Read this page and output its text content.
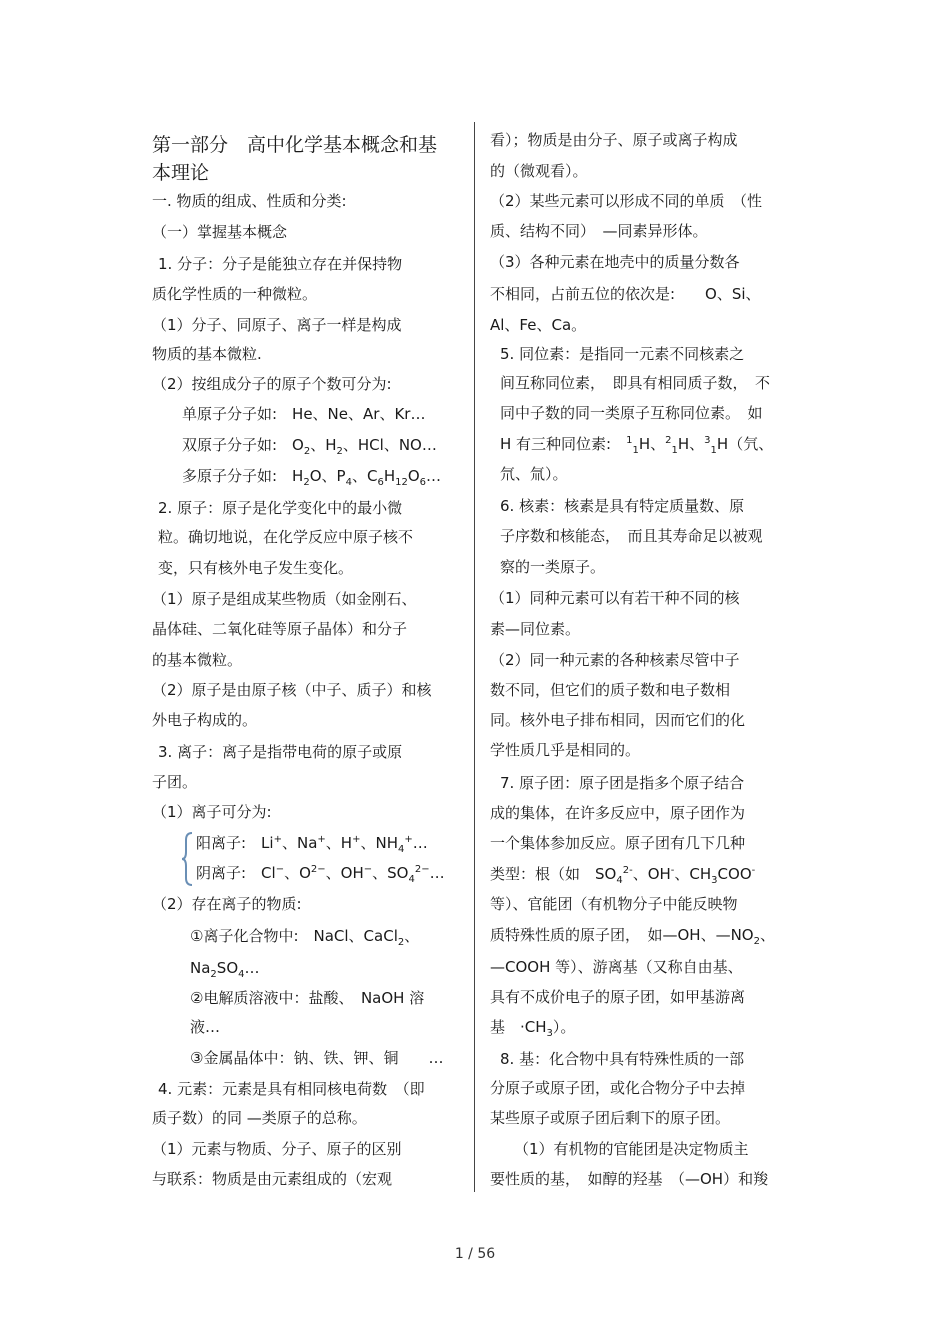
第一部分　高中化学基本概念和基
本理论
一. 物质的组成、性质和分类:
（一）掌握基本概念
1. 分子：分子是能独立存在并保持物
质化学性质的一种微粒。
（1）分子、同原子、离子一样是构成
物质的基本微粒.
（2）按组成分子的原子个数可分为:
单原子分子如:　He、Ne、Ar、Kr…
双原子分子如:　$O_2$、$H_2$、HCl、NO…
多原子分子如:　$H_2O$、$P_4$、$C_6H_{12}O_6\dots$
2. 原子：原子是化学变化中的最小微
粒。确切地说，在化学反应中原子核不
变，只有核外电子发生变化。
（1）原子是组成某些物质（如金刚石、
晶体硅、二氧化硅等原子晶体）和分子
的基本微粒。
（2）原子是由原子核（中子、质子）和核
外电子构成的。
3. 离子：离子是指带电荷的原子或原
子团。
（1）离子可分为:
阳离子:　Li+、Na+、H+、$NH_4^+\dots$
阴离子:　Cl−、$O^{2-}$、OH−、$SO_4^{2-}\dots$
（2）存在离子的物质:
①离子化合物中:　NaCl、CaCl$_2$、
$Na_2SO_4\dots$
②电解质溶液中：盐酸、　NaOH 溶
液…
③金属晶体中：钠、铁、钾、铜　　…
4. 元素：元素是具有相同核电荷数　（即
质子数）的同 —类原子的总称。
（1）元素与物质、分子、原子的区别
与联系：物质是由元素组成的（宏观
看）；物质是由分子、原子或离子构成
的（微观看）。
（2）某些元素可以形成不同的单质　（性
质、结构不同）　—同素异形体。
（3）各种元素在地壳中的质量分数各
不相同，占前五位的依次是:　　O、Si、
Al、Fe、Ca。
5. 同位素：是指同一元素不同核素之
间互称同位素，　即具有相同质子数，　不
同中子数的同一类原子互称同位素。　如
H 有三种同位素:　$^1_1$H、$^2_1$H、$^3_1$H（氕、
氘、氚）。
6. 核素：核素是具有特定质量数、原
子序数和核能态，　而且其寿命足以被观
察的一类原子。
（1）同种元素可以有若干种不同的核
素—同位素。
（2）同一种元素的各种核素尽管中子
数不同，但它们的质子数和电子数相
同。核外电子排布相同，因而它们的化
学性质几乎是相同的。
7. 原子团：原子团是指多个原子结合
成的集体，在许多反应中，原子团作为
一个集体参加反应。原子团有几下几种
类型：根（如　$SO_4^{2-}$、OH-、$CH_3COO^-$
等）、官能团（有机物分子中能反映物
质特殊性质的原子团，　如—OH、$—NO_2$、
—COOH 等）、游离基（又称自由基、
具有不成价电子的原子团，如甲基游离
基　$\cdot CH_3$）。
8. 基：化合物中具有特殊性质的一部
分原子或原子团，或化合物分子中去掉
某些原子或原子团后剩下的原子团。
（1）有机物的官能团是决定物质主
要性质的基，　如醇的羟基　（—OH）和羧
1 / 56
